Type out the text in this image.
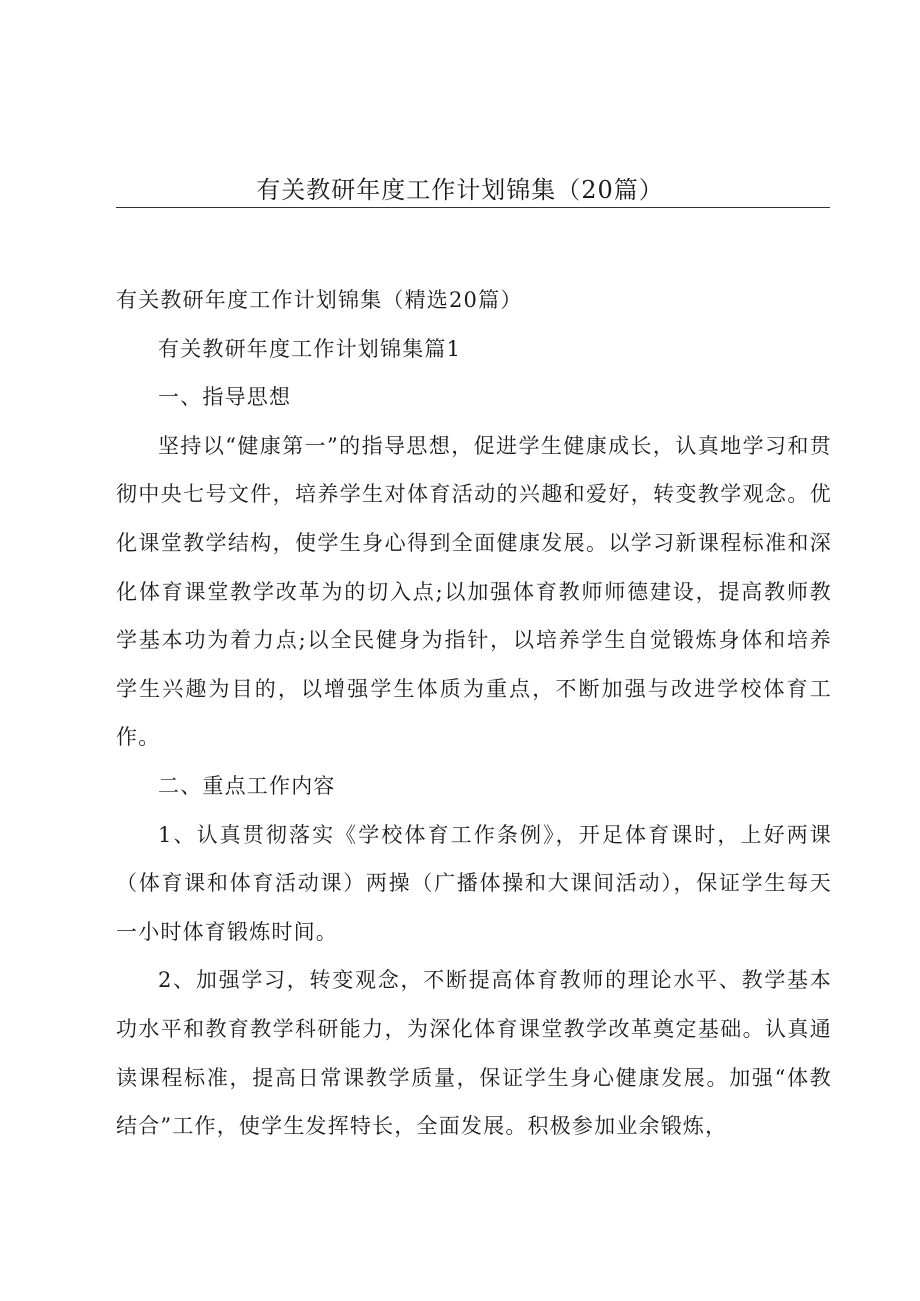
有关教研年度工作计划锦集（20篇）

有关教研年度工作计划锦集（精选20篇）

有关教研年度工作计划锦集篇1

一、指导思想

坚持以“健康第一”的指导思想，促进学生健康成长，认真地学习和贯彻中央七号文件，培养学生对体育活动的兴趣和爱好，转变教学观念。优化课堂教学结构，使学生身心得到全面健康发展。以学习新课程标准和深化体育课堂教学改革为的切入点;以加强体育教师师德建设，提高教师教学基本功为着力点;以全民健身为指针，以培养学生自觉锻炼身体和培养学生兴趣为目的，以增强学生体质为重点，不断加强与改进学校体育工作。

二、重点工作内容

1、认真贯彻落实《学校体育工作条例》，开足体育课时，上好两课（体育课和体育活动课）两操（广播体操和大课间活动），保证学生每天一小时体育锻炼时间。

2、加强学习，转变观念，不断提高体育教师的理论水平、教学基本功水平和教育教学科研能力，为深化体育课堂教学改革奠定基础。认真通读课程标准，提高日常课教学质量，保证学生身心健康发展。加强“体教结合”工作，使学生发挥特长，全面发展。积极参加业余锻炼，
